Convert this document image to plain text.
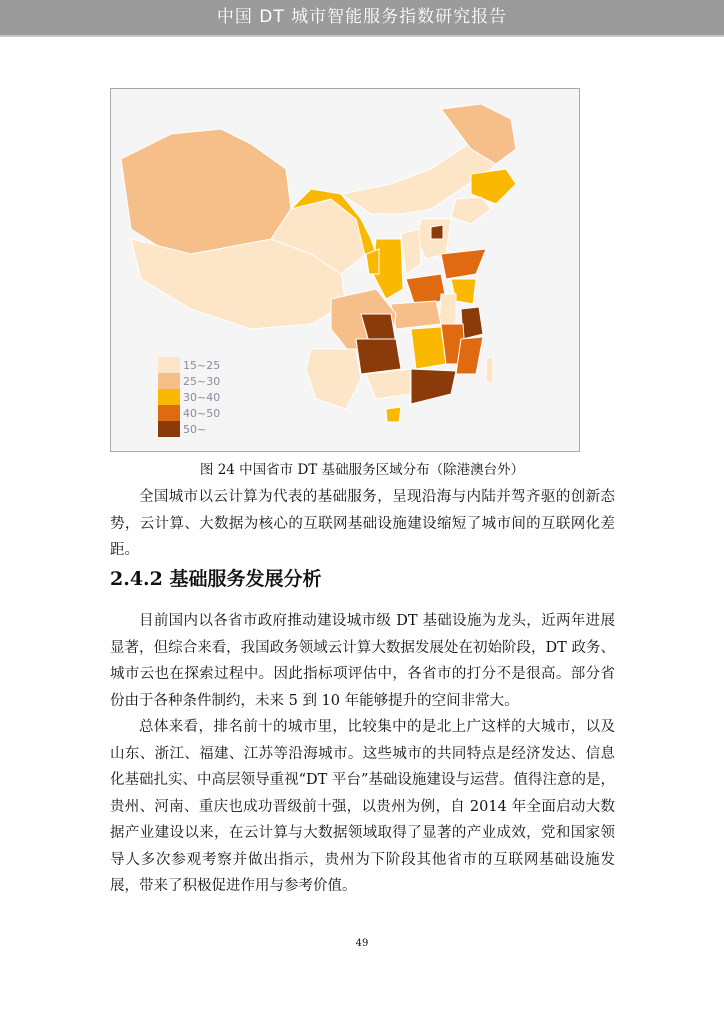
中国 DT 城市智能服务指数研究报告
15~25
25~30
30~40
40~50
50~
图 24 中国省市 DT 基础服务区域分布（除港澳台外）
全国城市以云计算为代表的基础服务，呈现沿海与内陆并驾齐驱的创新态势，云计算、大数据为核心的互联网基础设施建设缩短了城市间的互联网化差距。
2.4.2 基础服务发展分析
目前国内以各省市政府推动建设城市级 DT 基础设施为龙头，近两年进展显著，但综合来看，我国政务领域云计算大数据发展处在初始阶段，DT 政务、城市云也在探索过程中。因此指标项评估中，各省市的打分不是很高。部分省份由于各种条件制约，未来 5 到 10 年能够提升的空间非常大。
总体来看，排名前十的城市里，比较集中的是北上广这样的大城市，以及山东、浙江、福建、江苏等沿海城市。这些城市的共同特点是经济发达、信息化基础扎实、中高层领导重视“DT 平台”基础设施建设与运营。值得注意的是，贵州、河南、重庆也成功晋级前十强，以贵州为例，自 2014 年全面启动大数据产业建设以来，在云计算与大数据领域取得了显著的产业成效，党和国家领导人多次参观考察并做出指示，贵州为下阶段其他省市的互联网基础设施发展，带来了积极促进作用与参考价值。
49
